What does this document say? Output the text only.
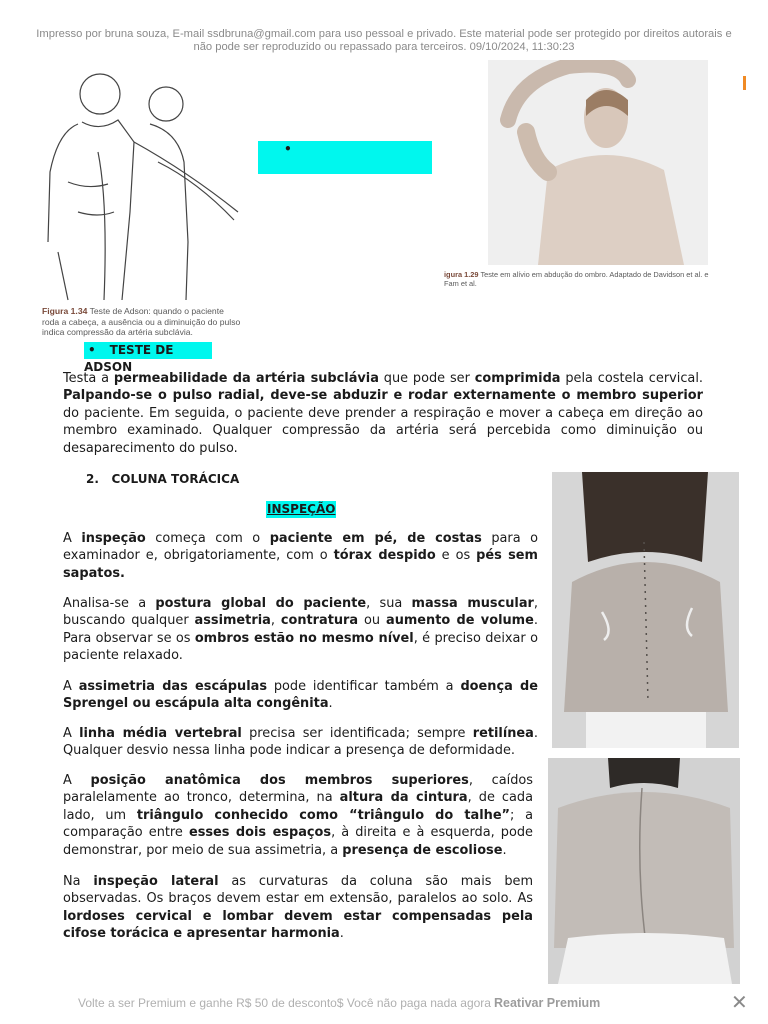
Impresso por bruna souza, E-mail ssdbruna@gmail.com para uso pessoal e privado. Este material pode ser protegido por direitos autorais e não pode ser reproduzido ou repassado para terceiros. 09/10/2024, 11:30:23
Figura 1.34 Teste de Adson: quando o paciente roda a cabeça, a ausência ou a diminuição do pulso indica compressão da artéria subclávia.
igura 1.29 Teste em alívio em abdução do ombro. Adaptado de Davidson et al. e Fam et al.
•
• TESTE DE ADSON
Testa a permeabilidade da artéria subclávia que pode ser comprimida pela costela cervical. Palpando-se o pulso radial, deve-se abduzir e rodar externamente o membro superior do paciente. Em seguida, o paciente deve prender a respiração e mover a cabeça em direção ao membro examinado. Qualquer compressão da artéria será percebida como diminuição ou desaparecimento do pulso.
2. COLUNA TORÁCICA
INSPEÇÃO
A inspeção começa com o paciente em pé, de costas para o examinador e, obrigatoriamente, com o tórax despido e os pés sem sapatos.
Analisa-se a postura global do paciente, sua massa muscular, buscando qualquer assimetria, contratura ou aumento de volume. Para observar se os ombros estão no mesmo nível, é preciso deixar o paciente relaxado.
A assimetria das escápulas pode identificar também a doença de Sprengel ou escápula alta congênita.
A linha média vertebral precisa ser identificada; sempre retilínea. Qualquer desvio nessa linha pode indicar a presença de deformidade.
A posição anatômica dos membros superiores, caídos paralelamente ao tronco, determina, na altura da cintura, de cada lado, um triângulo conhecido como “triângulo do talhe”; a comparação entre esses dois espaços, à direita e à esquerda, pode demonstrar, por meio de sua assimetria, a presença de escoliose.
Na inspeção lateral as curvaturas da coluna são mais bem observadas. Os braços devem estar em extensão, paralelos ao solo. As lordoses cervical e lombar devem estar compensadas pela cifose torácica e apresentar harmonia.
Volte a ser Premium e ganhe R$ 50 de desconto$ Você não paga nada agora Reativar Premium	✕
